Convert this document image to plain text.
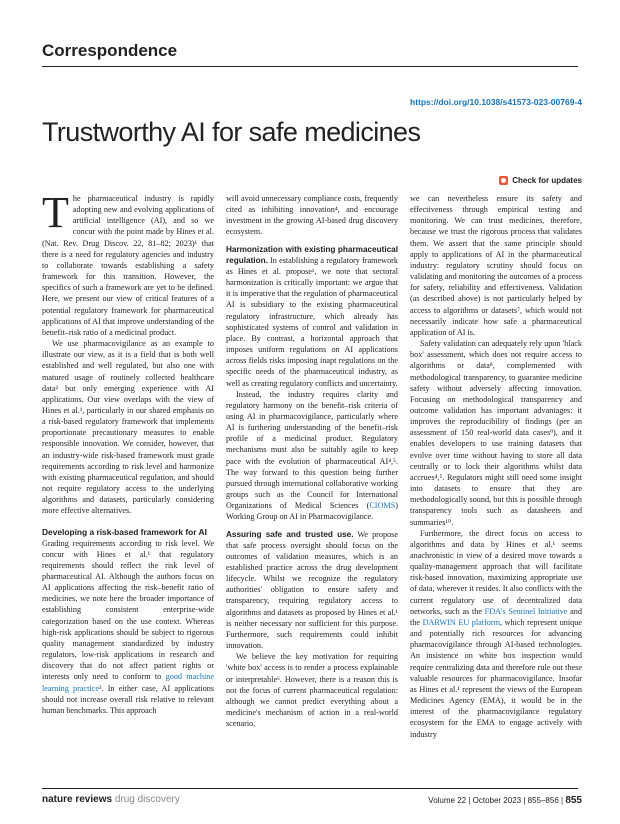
Correspondence
https://doi.org/10.1038/s41573-023-00769-4
Trustworthy AI for safe medicines
Check for updates

The pharmaceutical industry is rapidly adopting new and evolving applications of artificial intelligence (AI), and so we concur with the point made by Hines et al. (Nat. Rev. Drug Discov. 22, 81–82; 2023)¹ that there is a need for regulatory agencies and industry to collaborate towards establishing a safety framework for this transition. However, the specifics of such a framework are yet to be defined. Here, we present our view of critical features of a potential regulatory framework for pharmaceutical applications of AI that improve understanding of the benefit–risk ratio of a medicinal product.

We use pharmacovigilance as an example to illustrate our view, as it is a field that is both well established and well regulated, but also one with matured usage of routinely collected healthcare data² but only emerging experience with AI applications. Our view overlaps with the view of Hines et al.¹, particularly in our shared emphasis on a risk-based regulatory framework that implements proportionate precautionary measures to enable responsible innovation. We consider, however, that an industry-wide risk-based framework must grade requirements according to risk level and harmonize with existing pharmaceutical regulation, and should not require regulatory access to the underlying algorithms and datasets, particularly considering more effective alternatives.

Developing a risk-based framework for AI

Grading requirements according to risk level. We concur with Hines et al.¹ that regulatory requirements should reflect the risk level of pharmaceutical AI. Although the authors focus on AI applications affecting the risk–benefit ratio of medicines, we note here the broader importance of establishing consistent enterprise-wide categorization based on the use context. Whereas high-risk applications should be subject to rigorous quality management standardized by industry regulators, low-risk applications in research and discovery that do not affect patient rights or interests only need to conform to good machine learning practice³. In either case, AI applications should not increase overall risk relative to relevant human benchmarks. This approach

will avoid unnecessary compliance costs, frequently cited as inhibiting innovation⁴, and encourage investment in the growing AI-based drug discovery ecosystem.

Harmonization with existing pharmaceutical regulation. In establishing a regulatory framework as Hines et al. propose¹, we note that sectoral harmonization is critically important: we argue that it is imperative that the regulation of pharmaceutical AI is subsidiary to the existing pharmaceutical regulatory infrastructure, which already has sophisticated systems of control and validation in place. By contrast, a horizontal approach that imposes uniform regulations on AI applications across fields risks imposing inapt regulations on the specific needs of the pharmaceutical industry, as well as creating regulatory conflicts and uncertainty.

Instead, the industry requires clarity and regulatory harmony on the benefit–risk criteria of using AI in pharmacovigilance, particularly where AI is furthering understanding of the benefit–risk profile of a medicinal product. Regulatory mechanisms must also be suitably agile to keep pace with the evolution of pharmaceutical AI⁴,⁵. The way forward to this question being further pursued through international collaborative working groups such as the Council for International Organizations of Medical Sciences (CIOMS) Working Group on AI in Pharmacovigilance.

Assuring safe and trusted use. We propose that safe process oversight should focus on the outcomes of validation measures, which is an established practice across the drug development lifecycle. Whilst we recognize the regulatory authorities' obligation to ensure safety and transparency, requiring regulatory access to algorithms and datasets as proposed by Hines et al.¹ is neither necessary nor sufficient for this purpose. Furthermore, such requirements could inhibit innovation.

We believe the key motivation for requiring 'white box' access is to render a process explainable or interpretable⁶. However, there is a reason this is not the focus of current pharmaceutical regulation: although we cannot predict everything about a medicine's mechanism of action in a real-world scenario,

we can nevertheless ensure its safety and effectiveness through empirical testing and monitoring. We can trust medicines, therefore, because we trust the rigorous process that validates them. We assert that the same principle should apply to applications of AI in the pharmaceutical industry: regulatory scrutiny should focus on validating and monitoring the outcomes of a process for safety, reliability and effectiveness. Validation (as described above) is not particularly helped by access to algorithms or datasets⁷, which would not necessarily indicate how safe a pharmaceutical application of AI is.

Safety validation can adequately rely upon 'black box' assessment, which does not require access to algorithms or data⁸, complemented with methodological transparency, to guarantee medicine safety without adversely affecting innovation. Focusing on methodological transparency and outcome validation has important advantages: it improves the reproducibility of findings (per an assessment of 150 real-world data cases⁹), and it enables developers to use training datasets that evolve over time without having to store all data centrally or to lock their algorithms whilst data accrues⁴,⁵. Regulators might still need some insight into datasets to ensure that they are methodologically sound, but this is possible through transparency tools such as datasheets and summaries¹⁰.

Furthermore, the direct focus on access to algorithms and data by Hines et al.¹ seems anachronistic in view of a desired move towards a quality-management approach that will facilitate risk-based innovation, maximizing appropriate use of data, wherever it resides. It also conflicts with the current regulatory use of decentralized data networks, such as the FDA's Sentinel Initiative and the DARWIN EU platform, which represent unique and potentially rich resources for advancing pharmacovigilance through AI-based technologies. An insistence on white box inspection would require centralizing data and therefore rule out these valuable resources for pharmacovigilance. Insofar as Hines et al.¹ represent the views of the European Medicines Agency (EMA), it would be in the interest of the pharmacovigilance regulatory ecosystem for the EMA to engage actively with industry

nature reviews drug discovery	Volume 22 | October 2023 | 855–856 | 855
